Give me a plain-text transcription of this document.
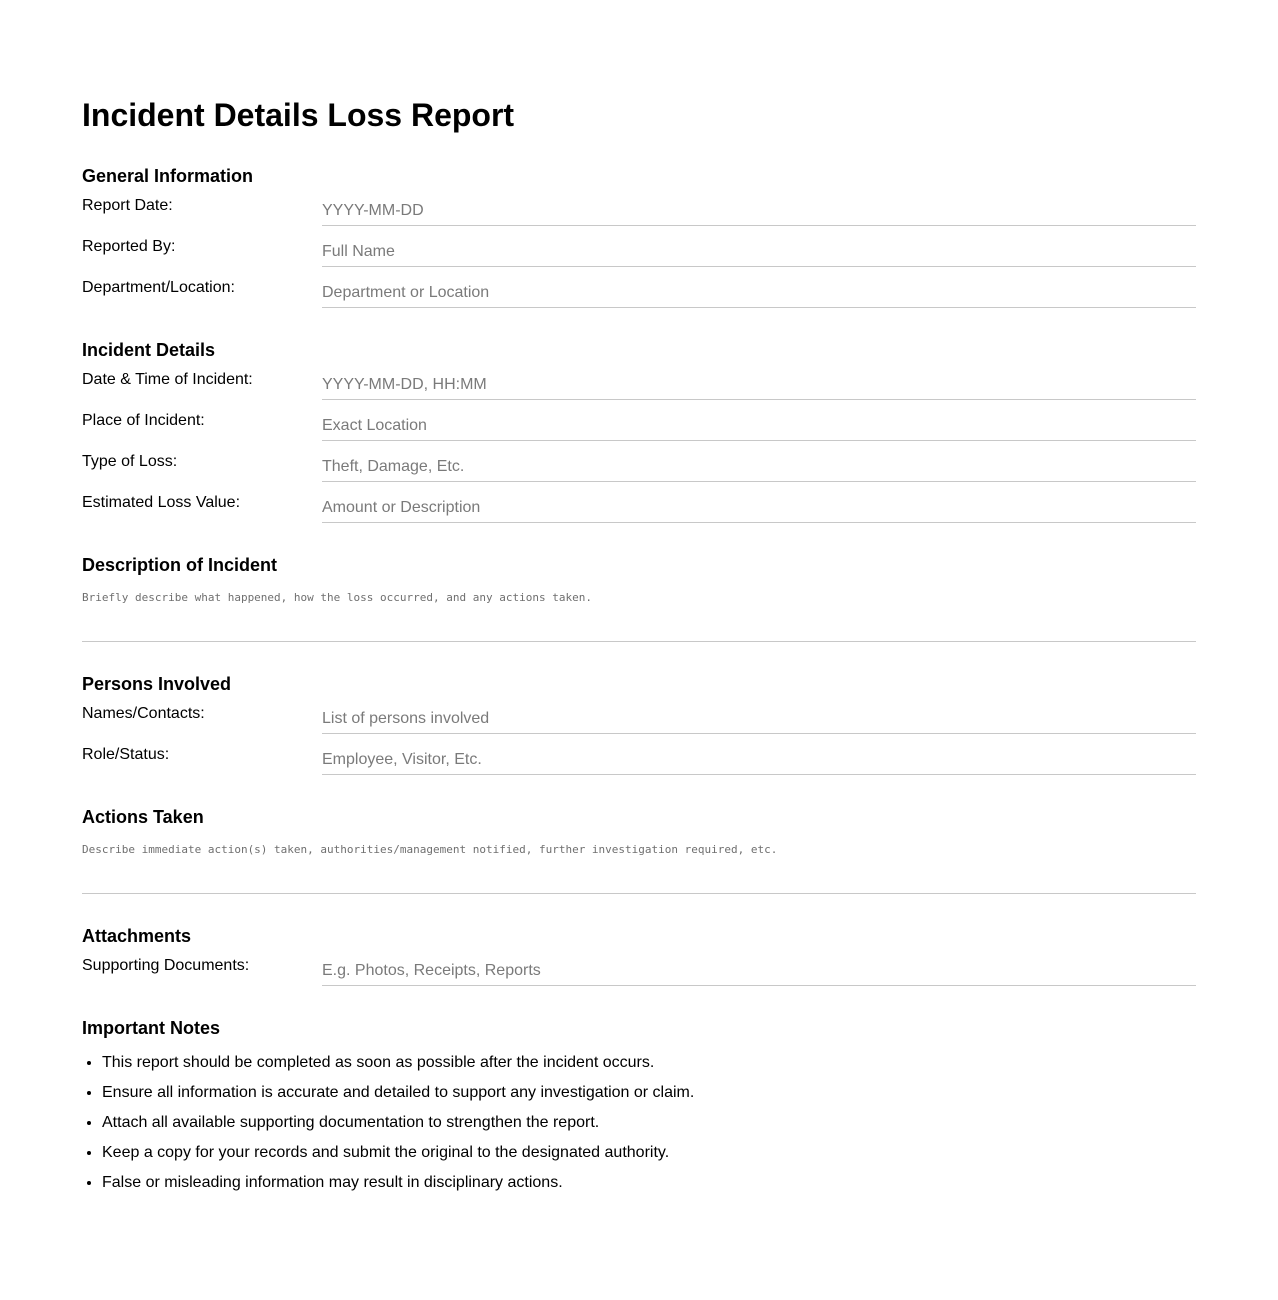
Incident Details Loss Report
General Information
Report Date:
YYYY-MM-DD
Reported By:
Full Name
Department/Location:
Department or Location
Incident Details
Date & Time of Incident:
YYYY-MM-DD, HH:MM
Place of Incident:
Exact Location
Type of Loss:
Theft, Damage, Etc.
Estimated Loss Value:
Amount or Description
Description of Incident
Briefly describe what happened, how the loss occurred, and any actions taken.
Persons Involved
Names/Contacts:
List of persons involved
Role/Status:
Employee, Visitor, Etc.
Actions Taken
Describe immediate action(s) taken, authorities/management notified, further investigation required, etc.
Attachments
Supporting Documents:
E.g. Photos, Receipts, Reports
Important Notes
• This report should be completed as soon as possible after the incident occurs.
• Ensure all information is accurate and detailed to support any investigation or claim.
• Attach all available supporting documentation to strengthen the report.
• Keep a copy for your records and submit the original to the designated authority.
• False or misleading information may result in disciplinary actions.
